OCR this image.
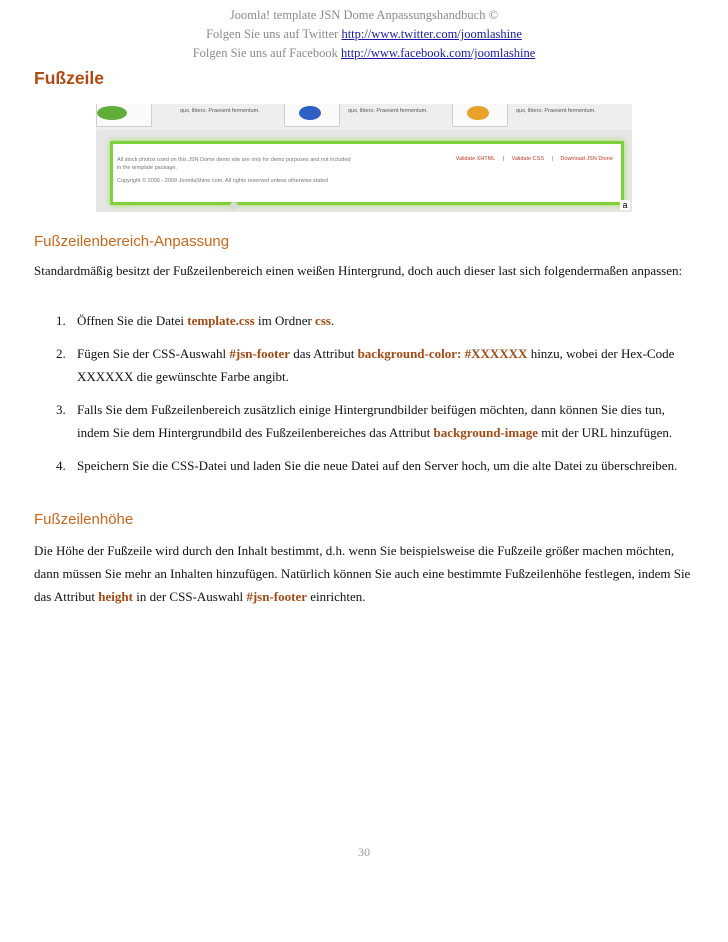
Joomla! template JSN Dome Anpassungshandbuch ©
Folgen Sie uns auf Twitter http://www.twitter.com/joomlashine
Folgen Sie uns auf Facebook http://www.facebook.com/joomlashine
Fußzeile
qus, libero. Praesent fermentum.	qus, libero. Praesent fermentum.	qus, libero. Praesent fermentum.
All stock photos used on this JSN Dome demo site are only for demo purposes and not included
in the template package.
Copyright © 2006 - 2009 JoomlaShine.com. All rights reserved unless otherwise stated
Validate XHTML | Validate CSS | Download JSN Dome
a
Fußzeilenbereich-Anpassung

Standardmäßig besitzt der Fußzeilenbereich einen weißen Hintergrund, doch auch dieser last sich folgendermaßen anpassen:

1. Öffnen Sie die Datei template.css im Ordner css.
2. Fügen Sie der CSS-Auswahl #jsn-footer das Attribut background-color: #XXXXXX hinzu, wobei der Hex-Code XXXXXX die gewünschte Farbe angibt.
3. Falls Sie dem Fußzeilenbereich zusätzlich einige Hintergrundbilder beifügen möchten, dann können Sie dies tun, indem Sie dem Hintergrundbild des Fußzeilenbereiches das Attribut background-image mit der URL hinzufügen.
4. Speichern Sie die CSS-Datei und laden Sie die neue Datei auf den Server hoch, um die alte Datei zu überschreiben.
Fußzeilenhöhe

Die Höhe der Fußzeile wird durch den Inhalt bestimmt, d.h. wenn Sie beispielsweise die Fußzeile größer machen möchten, dann müssen Sie mehr an Inhalten hinzufügen. Natürlich können Sie auch eine bestimmte Fußzeilenhöhe festlegen, indem Sie das Attribut height in der CSS-Auswahl #jsn-footer einrichten.

30
